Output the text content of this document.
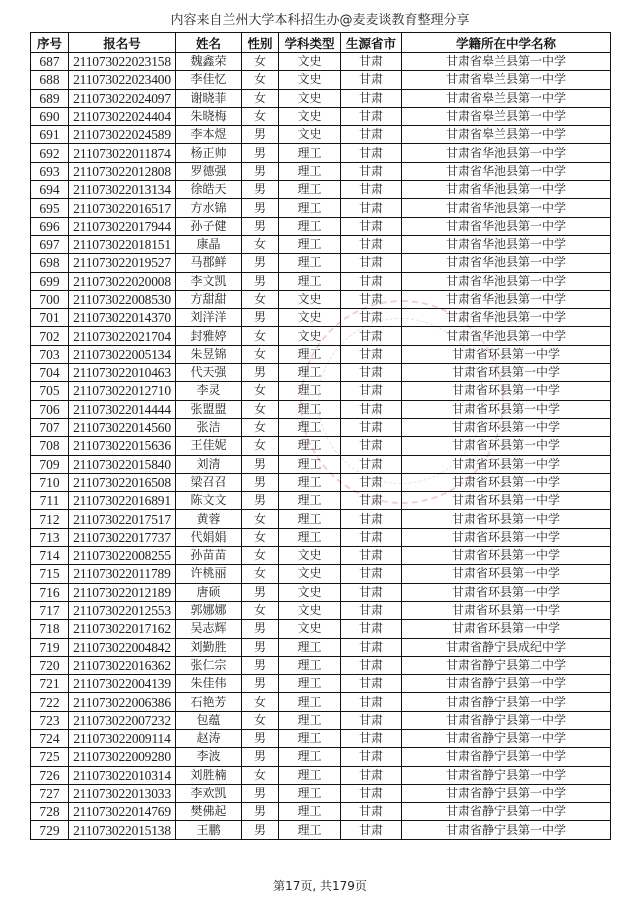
内容来自兰州大学本科招生办@麦麦谈教育整理分享
序号	报名号	姓名	性别	学科类型	生源省市	学籍所在中学名称
687	211073022023158	魏鑫荣	女	文史	甘肃	甘肃省皋兰县第一中学
688	211073022023400	李佳忆	女	文史	甘肃	甘肃省皋兰县第一中学
689	211073022024097	谢晓菲	女	文史	甘肃	甘肃省皋兰县第一中学
690	211073022024404	朱晓梅	女	文史	甘肃	甘肃省皋兰县第一中学
691	211073022024589	李本煜	男	文史	甘肃	甘肃省皋兰县第一中学
692	211073022011874	杨正帅	男	理工	甘肃	甘肃省华池县第一中学
693	211073022012808	罗德强	男	理工	甘肃	甘肃省华池县第一中学
694	211073022013134	徐皓天	男	理工	甘肃	甘肃省华池县第一中学
695	211073022016517	方水锦	男	理工	甘肃	甘肃省华池县第一中学
696	211073022017944	孙子健	男	理工	甘肃	甘肃省华池县第一中学
697	211073022018151	康晶	女	理工	甘肃	甘肃省华池县第一中学
698	211073022019527	马郡鲜	男	理工	甘肃	甘肃省华池县第一中学
699	211073022020008	李文凯	男	理工	甘肃	甘肃省华池县第一中学
700	211073022008530	方甜甜	女	文史	甘肃	甘肃省华池县第一中学
701	211073022014370	刘洋洋	男	文史	甘肃	甘肃省华池县第一中学
702	211073022021704	封雅婷	女	文史	甘肃	甘肃省华池县第一中学
703	211073022005134	朱昱锦	女	理工	甘肃	甘肃省环县第一中学
704	211073022010463	代天强	男	理工	甘肃	甘肃省环县第一中学
705	211073022012710	李灵	女	理工	甘肃	甘肃省环县第一中学
706	211073022014444	张盟盟	女	理工	甘肃	甘肃省环县第一中学
707	211073022014560	张洁	女	理工	甘肃	甘肃省环县第一中学
708	211073022015636	王佳妮	女	理工	甘肃	甘肃省环县第一中学
709	211073022015840	刘清	男	理工	甘肃	甘肃省环县第一中学
710	211073022016508	梁召召	男	理工	甘肃	甘肃省环县第一中学
711	211073022016891	陈文文	男	理工	甘肃	甘肃省环县第一中学
712	211073022017517	黄蓉	女	理工	甘肃	甘肃省环县第一中学
713	211073022017737	代娟娟	女	理工	甘肃	甘肃省环县第一中学
714	211073022008255	孙苗苗	女	文史	甘肃	甘肃省环县第一中学
715	211073022011789	许桃丽	女	文史	甘肃	甘肃省环县第一中学
716	211073022012189	唐硕	男	文史	甘肃	甘肃省环县第一中学
717	211073022012553	郭娜娜	女	文史	甘肃	甘肃省环县第一中学
718	211073022017162	吴志辉	男	文史	甘肃	甘肃省环县第一中学
719	211073022004842	刘勤胜	男	理工	甘肃	甘肃省静宁县成纪中学
720	211073022016362	张仁宗	男	理工	甘肃	甘肃省静宁县第二中学
721	211073022004139	朱佳伟	男	理工	甘肃	甘肃省静宁县第一中学
722	211073022006386	石艳芳	女	理工	甘肃	甘肃省静宁县第一中学
723	211073022007232	包蕴	女	理工	甘肃	甘肃省静宁县第一中学
724	211073022009114	赵涛	男	理工	甘肃	甘肃省静宁县第一中学
725	211073022009280	李波	男	理工	甘肃	甘肃省静宁县第一中学
726	211073022010314	刘胜楠	女	理工	甘肃	甘肃省静宁县第一中学
727	211073022013033	李欢凯	男	理工	甘肃	甘肃省静宁县第一中学
728	211073022014769	樊佛起	男	理工	甘肃	甘肃省静宁县第一中学
729	211073022015138	王鹏	男	理工	甘肃	甘肃省静宁县第一中学
第17页, 共179页
